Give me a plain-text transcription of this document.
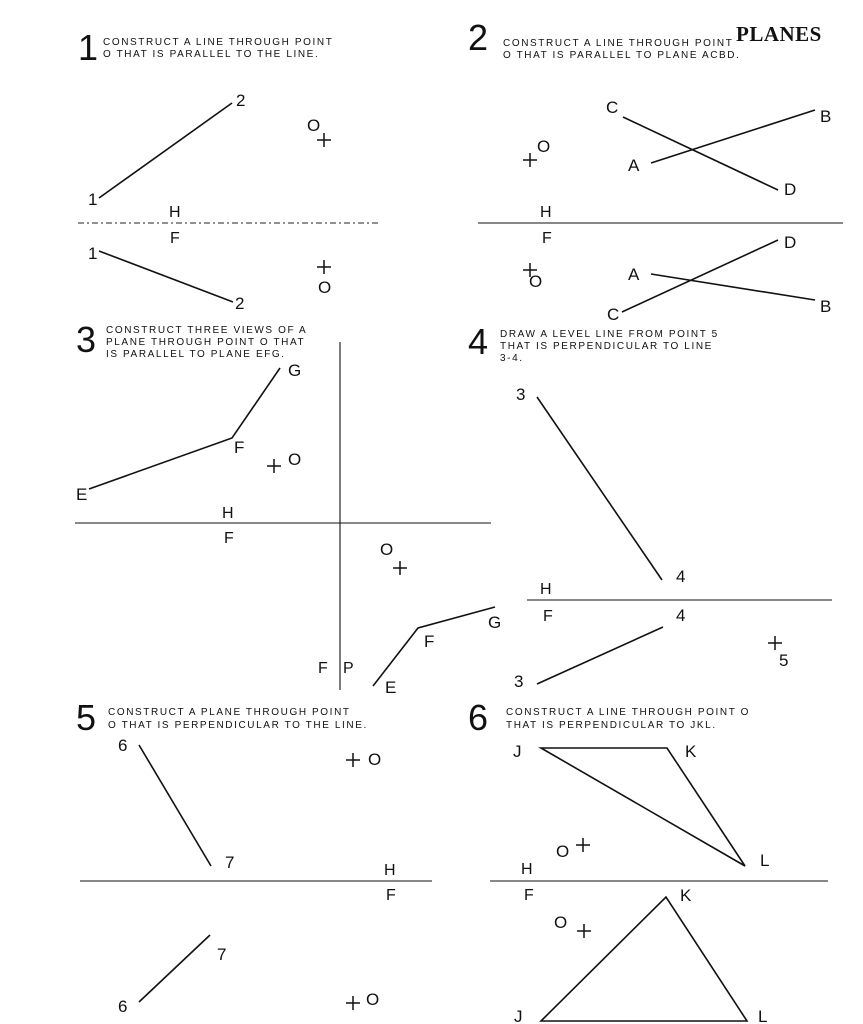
PLANES
1 CONSTRUCT A LINE THROUGH POINT
O THAT IS PARALLEL TO THE LINE.
2
1
O
H
F
1
2
O
2 CONSTRUCT A LINE THROUGH POINT
O THAT IS PARALLEL TO PLANE ACBD.
C	B
A
D
O
H
F	D
A
B
C
O
3 CONSTRUCT THREE VIEWS OF A
PLANE THROUGH POINT O THAT
IS PARALLEL TO PLANE EFG.
G
F
E
O
H
F
O
G
F
E
F P
4 DRAW A LEVEL LINE FROM POINT 5
THAT IS PERPENDICULAR TO LINE
3-4.
3
4
H
F	4
3
5
5 CONSTRUCT A PLANE THROUGH POINT
O THAT IS PERPENDICULAR TO THE LINE.
6
7
O
H
F
7
6	O
6 CONSTRUCT A LINE THROUGH POINT O
THAT IS PERPENDICULAR TO JKL.
J	K
L
O
H
F	K
O
J	L
